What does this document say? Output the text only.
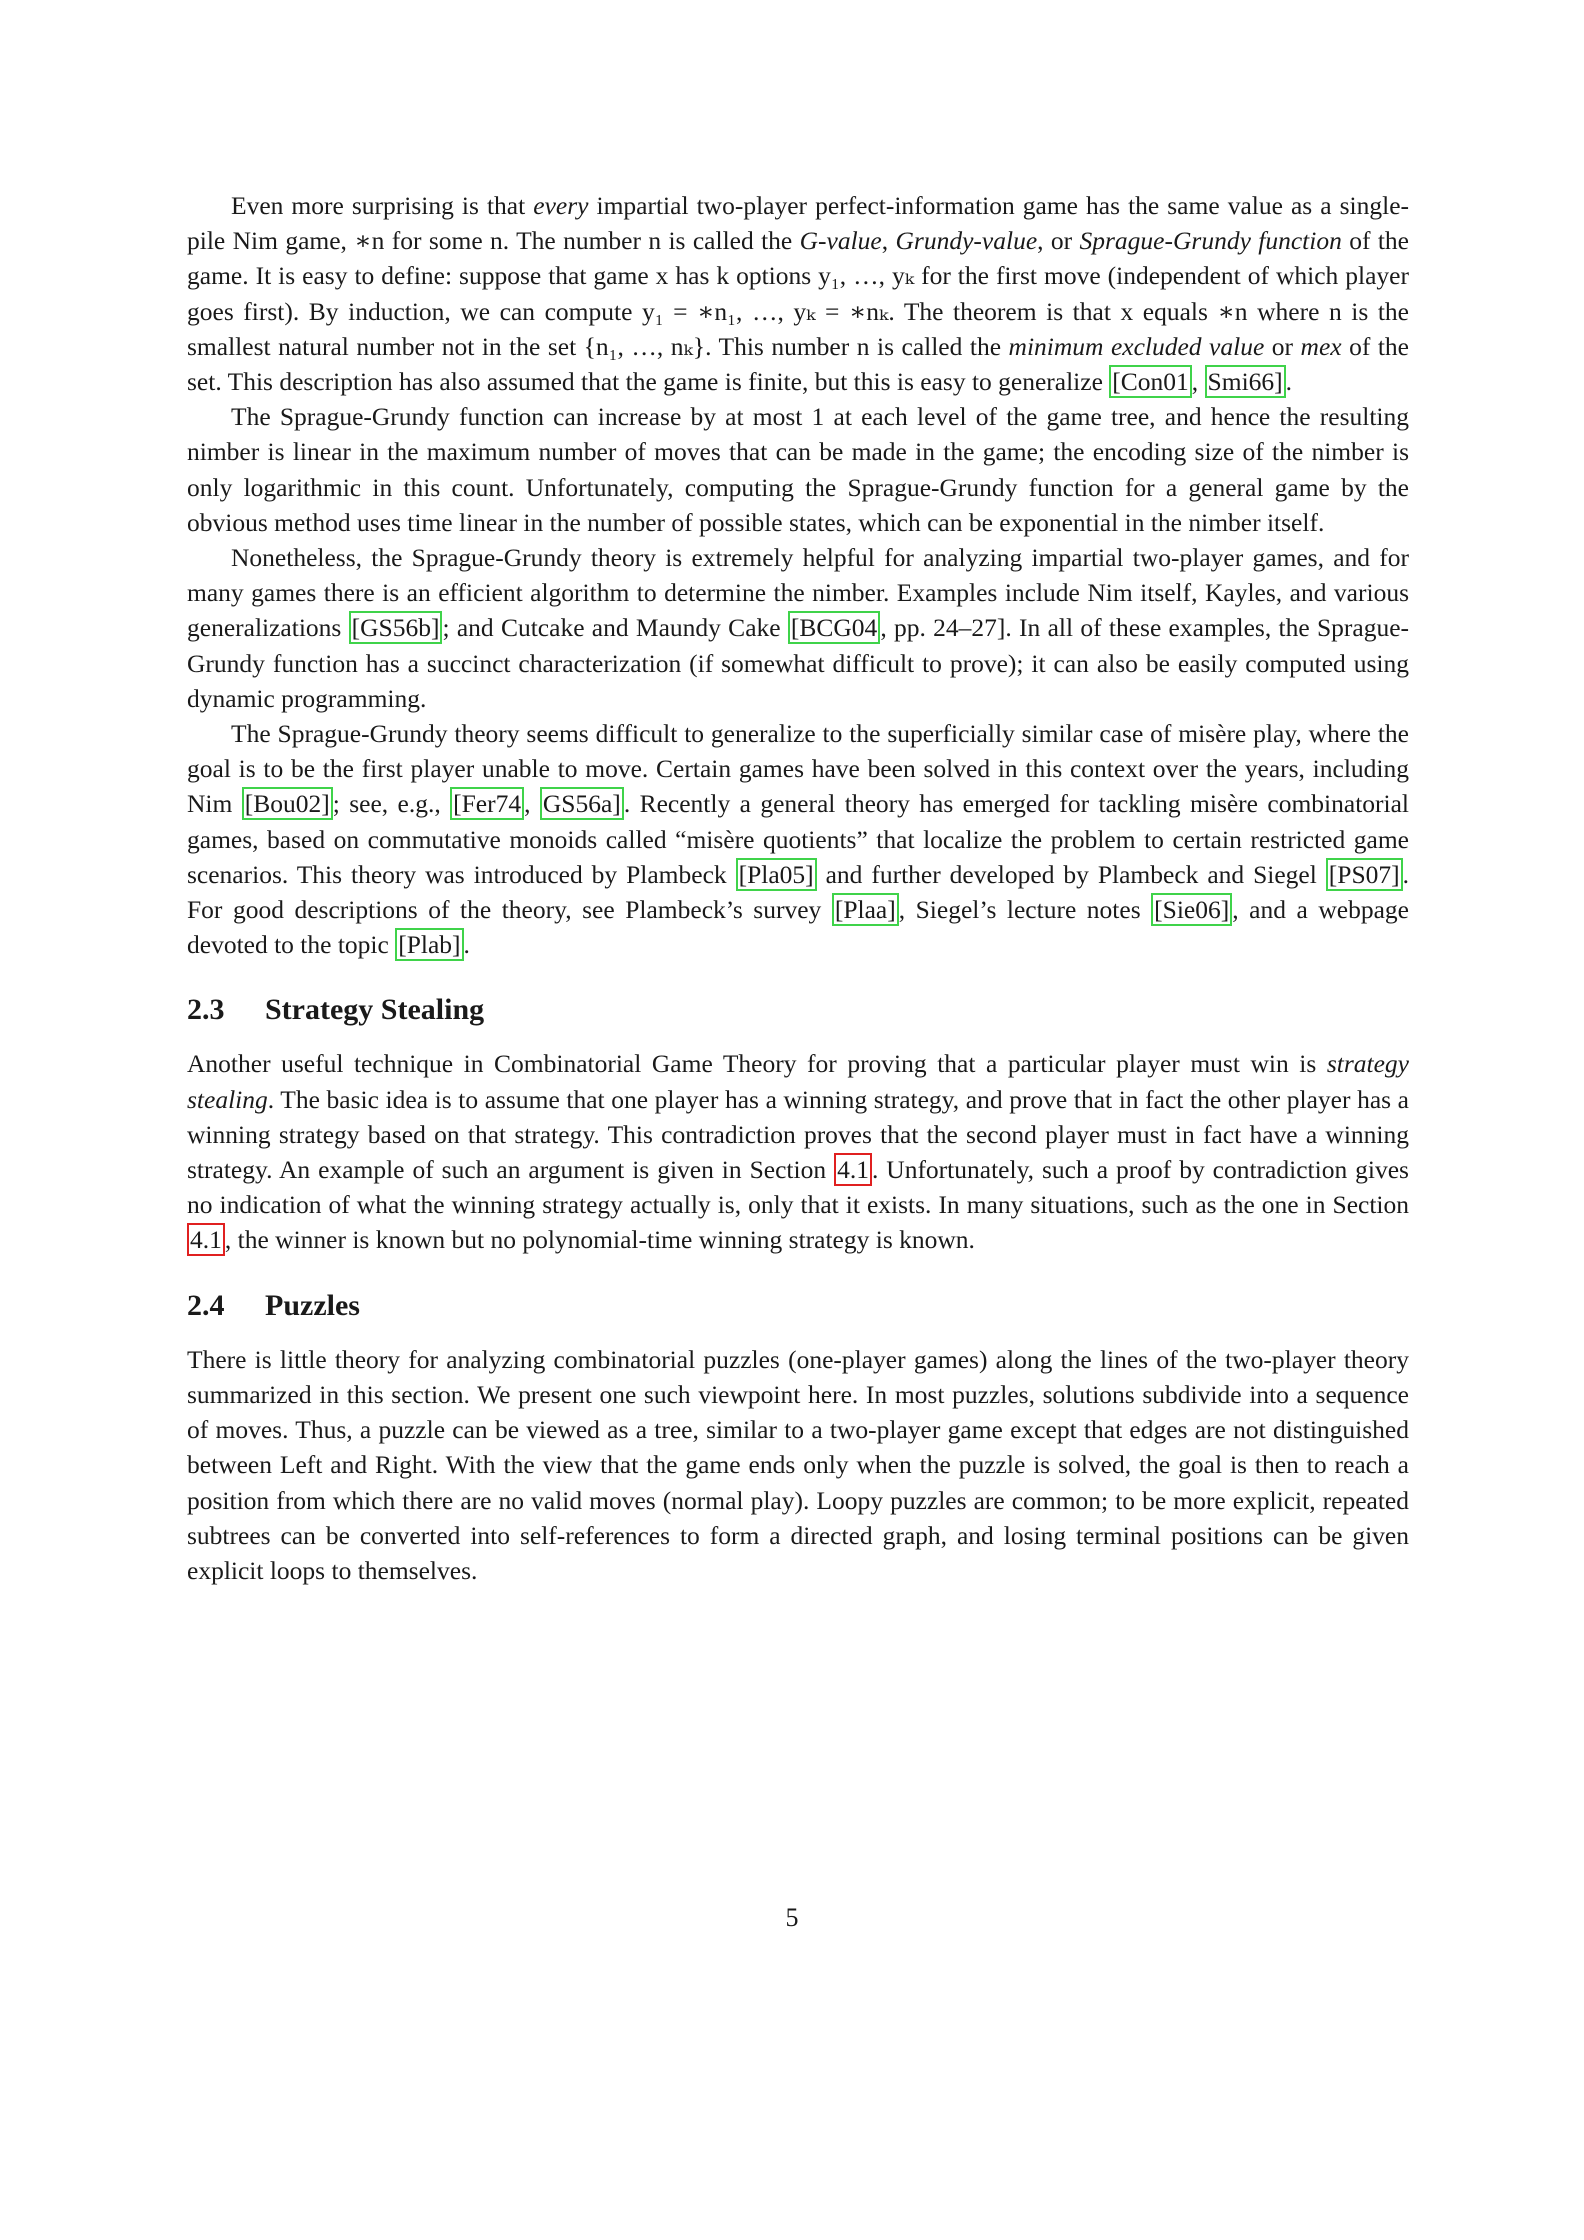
Even more surprising is that every impartial two-player perfect-information game has the same value as a single-pile Nim game, ∗n for some n. The number n is called the G-value, Grundy-value, or Sprague-Grundy function of the game. It is easy to define: suppose that game x has k options y₁, …, yₖ for the first move (independent of which player goes first). By induction, we can compute y₁ = ∗n₁, …, yₖ = ∗nₖ. The theorem is that x equals ∗n where n is the smallest natural number not in the set {n₁, …, nₖ}. This number n is called the minimum excluded value or mex of the set. This description has also assumed that the game is finite, but this is easy to generalize [Con01 , Smi66] .

The Sprague-Grundy function can increase by at most 1 at each level of the game tree, and hence the resulting nimber is linear in the maximum number of moves that can be made in the game; the encoding size of the nimber is only logarithmic in this count. Unfortunately, computing the Sprague-Grundy function for a general game by the obvious method uses time linear in the number of possible states, which can be exponential in the nimber itself.

Nonetheless, the Sprague-Grundy theory is extremely helpful for analyzing impartial two-player games, and for many games there is an efficient algorithm to determine the nimber. Examples include Nim itself, Kayles, and various generalizations [GS56b] ; and Cutcake and Maundy Cake [BCG04 , pp. 24–27]. In all of these examples, the Sprague-Grundy function has a succinct characterization (if somewhat difficult to prove); it can also be easily computed using dynamic programming.

The Sprague-Grundy theory seems difficult to generalize to the superficially similar case of misère play, where the goal is to be the first player unable to move. Certain games have been solved in this context over the years, including Nim [Bou02] ; see, e.g., [Fer74 , GS56a] . Recently a general theory has emerged for tackling misère combinatorial games, based on commutative monoids called “misère quotients” that localize the problem to certain restricted game scenarios. This theory was introduced by Plambeck [Pla05] and further developed by Plambeck and Siegel [PS07] . For good descriptions of the theory, see Plambeck’s survey [Plaa] , Siegel’s lecture notes [Sie06] , and a webpage devoted to the topic [Plab] .

2.3 Strategy Stealing

Another useful technique in Combinatorial Game Theory for proving that a particular player must win is strategy stealing. The basic idea is to assume that one player has a winning strategy, and prove that in fact the other player has a winning strategy based on that strategy. This contradiction proves that the second player must in fact have a winning strategy. An example of such an argument is given in Section 4.1 . Unfortunately, such a proof by contradiction gives no indication of what the winning strategy actually is, only that it exists. In many situations, such as the one in Section 4.1 , the winner is known but no polynomial-time winning strategy is known.

2.4 Puzzles

There is little theory for analyzing combinatorial puzzles (one-player games) along the lines of the two-player theory summarized in this section. We present one such viewpoint here. In most puzzles, solutions subdivide into a sequence of moves. Thus, a puzzle can be viewed as a tree, similar to a two-player game except that edges are not distinguished between Left and Right. With the view that the game ends only when the puzzle is solved, the goal is then to reach a position from which there are no valid moves (normal play). Loopy puzzles are common; to be more explicit, repeated subtrees can be converted into self-references to form a directed graph, and losing terminal positions can be given explicit loops to themselves.

5
